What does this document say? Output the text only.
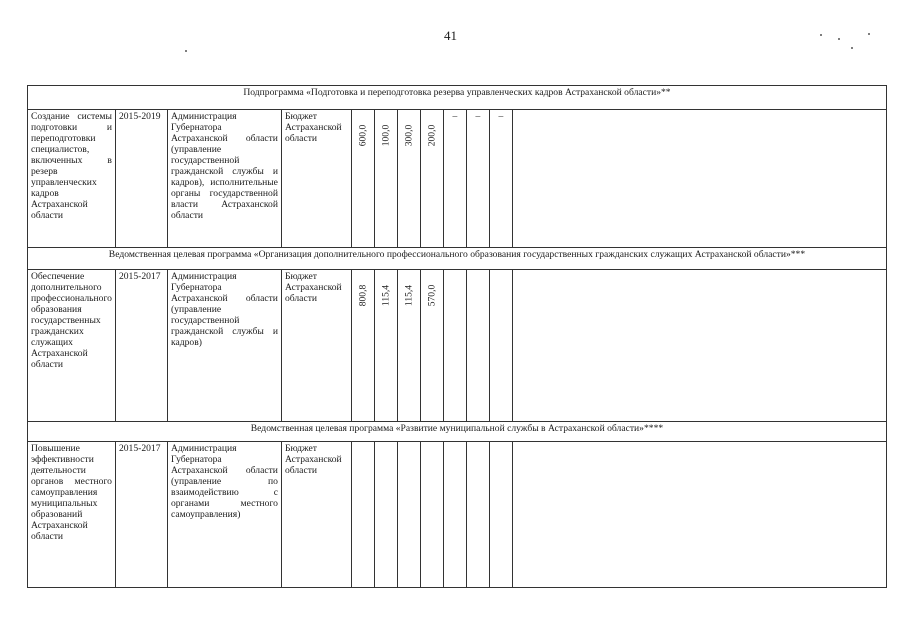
41
Подпрограмма «Подготовка и переподготовка резерва управленческих кадров Астраханской области»**											
Создание системы подготовки и переподготовки специалистов, включенных в резерв управленческих кадров Астраханской области	2015-2019	Администрация Губернатора Астраханской области (управление государственной гражданской службы и кадров), исполнительные органы государственной власти Астраханской области	Бюджет Астраханской области	600,0	100,0	300,0	200,0	–	–	–	
Ведомственная целевая программа «Организация дополнительного профессионального образования государственных гражданских служащих Астраханской области»***											
Обеспечение дополнительного профессионального образования государственных гражданских служащих Астраханской области	2015-2017	Администрация Губернатора Астраханской области (управление государственной гражданской службы и кадров)	Бюджет Астраханской области	800,8	115,4	115,4	570,0				

Ведомственная целевая программа «Развитие муниципальной службы в Астраханской области»****											
Повышение эффективности деятельности органов местного самоуправления муниципальных образований Астраханской области	2015-2017	Администрация Губернатора Астраханской области (управление по взаимодействию с органами местного самоуправления)	Бюджет Астраханской области								
